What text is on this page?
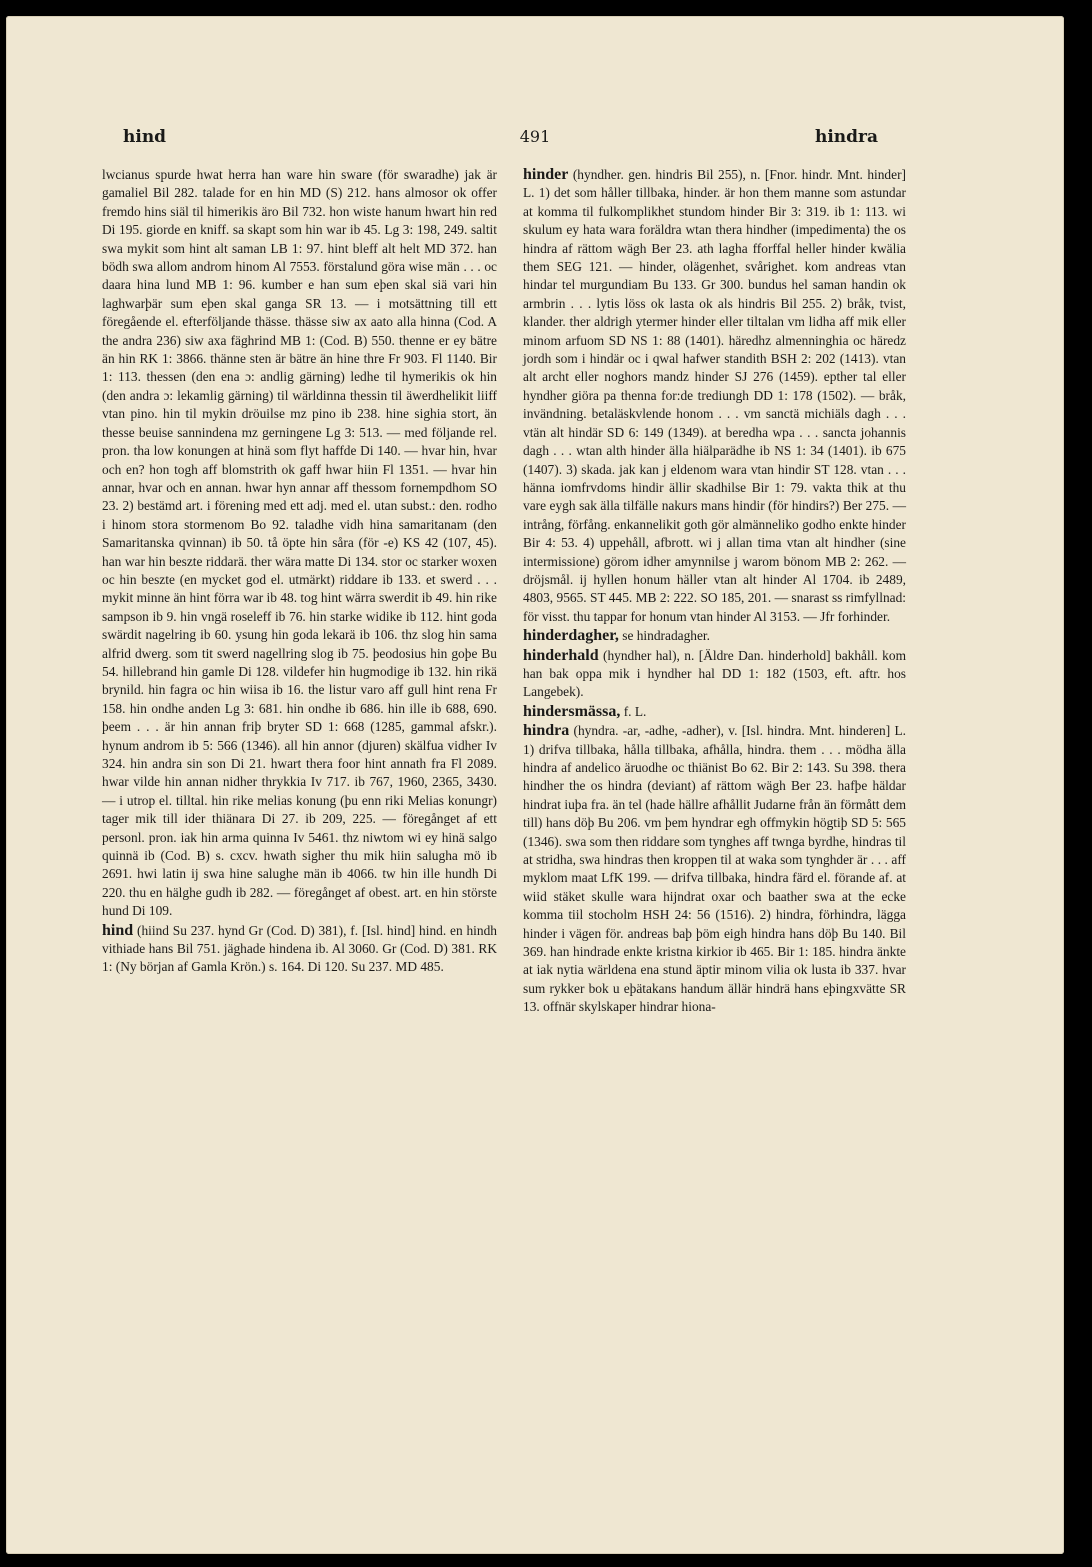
hind	491	hindra

lwcianus spurde hwat herra han ware hin sware (för swaradhe) jak är gamaliel Bil 282. talade for en hin MD (S) 212. hans almosor ok offer fremdo hins siäl til himerikis äro Bil 732. hon wiste hanum hwart hin red Di 195. giorde en kniff. sa skapt som hin war ib 45. Lg 3: 198, 249. saltit swa mykit som hint alt saman LB 1: 97. hint bleff alt helt MD 372. han bödh swa allom androm hinom Al 7553. förstalund göra wise män . . . oc daara hina lund MB 1: 96. kumber e han sum eþen skal siä vari hin laghwarþär sum eþen skal ganga SR 13. — i motsättning till ett föregående el. efterföljande thässe. thässe siw ax aato alla hinna (Cod. A the andra 236) siw axa fäghrind MB 1: (Cod. B) 550. thenne er ey bätre än hin RK 1: 3866. thänne sten är bätre än hine thre Fr 903. Fl 1140. Bir 1: 113. thessen (den ena ɔ: andlig gärning) ledhe til hymerikis ok hin (den andra ɔ: lekamlig gärning) til wärldinna thessin til äwerdhelikit liiff vtan pino. hin til mykin dröuilse mz pino ib 238. hine sighia stort, än thesse beuise sannindena mz gerningene Lg 3: 513. — med följande rel. pron. tha low konungen at hinä som flyt haffde Di 140. — hvar hin, hvar och en? hon togh aff blomstrith ok gaff hwar hiin Fl 1351. — hvar hin annar, hvar och en annan. hwar hyn annar aff thessom fornempdhom SO 23. 2) bestämd art. i förening med ett adj. med el. utan subst.: den. rodho i hinom stora stormenom Bo 92. taladhe vidh hina samaritanam (den Samaritanska qvinnan) ib 50. tå öpte hin såra (för -e) KS 42 (107, 45). han war hin beszte riddarä. ther wära matte Di 134. stor oc starker woxen oc hin beszte (en mycket god el. utmärkt) riddare ib 133. et swerd . . . mykit minne än hint förra war ib 48. tog hint wärra swerdit ib 49. hin rike sampson ib 9. hin vngä roseleff ib 76. hin starke widike ib 112. hint goda swärdit nagelring ib 60. ysung hin goda lekarä ib 106. thz slog hin sama alfrid dwerg. som tit swerd nagellring slog ib 75. þeodosius hin goþe Bu 54. hillebrand hin gamle Di 128. vildefer hin hugmodige ib 132. hin rikä brynild. hin fagra oc hin wiisa ib 16. the listur varo aff gull hint rena Fr 158. hin ondhe anden Lg 3: 681. hin ondhe ib 686. hin ille ib 688, 690. þeem . . . är hin annan friþ bryter SD 1: 668 (1285, gammal afskr.). hynum androm ib 5: 566 (1346). all hin annor (djuren) skälfua vidher Iv 324. hin andra sin son Di 21. hwart thera foor hint annath fra Fl 2089. hwar vilde hin annan nidher thrykkia Iv 717. ib 767, 1960, 2365, 3430. — i utrop el. tilltal. hin rike melias konung (þu enn riki Melias konungr) tager mik till ider thiänara Di 27. ib 209, 225. — föregånget af ett personl. pron. iak hin arma quinna Iv 5461. thz niwtom wi ey hinä salgo quinnä ib (Cod. B) s. cxcv. hwath sigher thu mik hiin salugha mö ib 2691. hwi latin ij swa hine salughe män ib 4066. tw hin ille hundh Di 220. thu en hälghe gudh ib 282. — föregånget af obest. art. en hin störste hund Di 109.

hind (hiind Su 237. hynd Gr (Cod. D) 381), f. [Isl. hind] hind. en hindh vithiade hans Bil 751. jäghade hindena ib. Al 3060. Gr (Cod. D) 381. RK 1: (Ny början af Gamla Krön.) s. 164. Di 120. Su 237. MD 485.

hinder (hyndher. gen. hindris Bil 255), n. [Fnor. hindr. Mnt. hinder] L. 1) det som håller tillbaka, hinder. är hon them manne som astundar at komma til fulkomplikhet stundom hinder Bir 3: 319. ib 1: 113. wi skulum ey hata wara foräldra wtan thera hindher (impedimenta) the os hindra af rättom wägh Ber 23. ath lagha fforffal heller hinder kwälia them SEG 121. — hinder, olägenhet, svårighet. kom andreas vtan hindar tel murgundiam Bu 133. Gr 300. bundus hel saman handin ok armbrin . . . lytis löss ok lasta ok als hindris Bil 255. 2) bråk, tvist, klander. ther aldrigh ytermer hinder eller tiltalan vm lidha aff mik eller minom arfuom SD NS 1: 88 (1401). häredhz almenninghia oc häredz jordh som i hindär oc i qwal hafwer standith BSH 2: 202 (1413). vtan alt archt eller noghors mandz hinder SJ 276 (1459). epther tal eller hyndher giöra pa thenna for:de trediungh DD 1: 178 (1502). — bråk, invändning. betaläskvlende honom . . . vm sanctä michiäls dagh . . . vtän alt hindär SD 6: 149 (1349). at beredha wpa . . . sancta johannis dagh . . . wtan alth hinder älla hiälparädhe ib NS 1: 34 (1401). ib 675 (1407). 3) skada. jak kan j eldenom wara vtan hindir ST 128. vtan . . . hänna iomfrvdoms hindir ällir skadhilse Bir 1: 79. vakta thik at thu vare eygh sak älla tilfälle nakurs mans hindir (för hindirs?) Ber 275. — intrång, förfång. enkannelikit goth gör almänneliko godho enkte hinder Bir 4: 53. 4) uppehåll, afbrott. wi j allan tima vtan alt hindher (sine intermissione) görom idher amynnilse j warom bönom MB 2: 262. — dröjsmål. ij hyllen honum häller vtan alt hinder Al 1704. ib 2489, 4803, 9565. ST 445. MB 2: 222. SO 185, 201. — snarast ss rimfyllnad: för visst. thu tappar for honum vtan hinder Al 3153. — Jfr forhinder.

hinderdagher, se hindradagher.

hinderhald (hyndher hal), n. [Äldre Dan. hinderhold] bakhåll. kom han bak oppa mik i hyndher hal DD 1: 182 (1503, eft. aftr. hos Langebek).

hindersmässa, f. L.

hindra (hyndra. -ar, -adhe, -adher), v. [Isl. hindra. Mnt. hinderen] L. 1) drifva tillbaka, hålla tillbaka, afhålla, hindra. them . . . mödha älla hindra af andelico äruodhe oc thiänist Bo 62. Bir 2: 143. Su 398. thera hindher the os hindra (deviant) af rättom wägh Ber 23. hafþe häldar hindrat iuþa fra. än tel (hade hällre afhållit Judarne från än förmått dem till) hans döþ Bu 206. vm þem hyndrar egh offmykin högtiþ SD 5: 565 (1346). swa som then riddare som tynghes aff twnga byrdhe, hindras til at stridha, swa hindras then kroppen til at waka som tynghder är . . . aff myklom maat LfK 199. — drifva tillbaka, hindra färd el. förande af. at wiid stäket skulle wara hijndrat oxar och baather swa at the ecke komma tiil stocholm HSH 24: 56 (1516). 2) hindra, förhindra, lägga hinder i vägen för. andreas baþ þöm eigh hindra hans döþ Bu 140. Bil 369. han hindrade enkte kristna kirkior ib 465. Bir 1: 185. hindra änkte at iak nytia wärldena ena stund äptir minom vilia ok lusta ib 337. hvar sum rykker bok u eþätakans handum ällär hindrä hans eþingxvätte SR 13. offnär skylskaper hindrar hiona-
